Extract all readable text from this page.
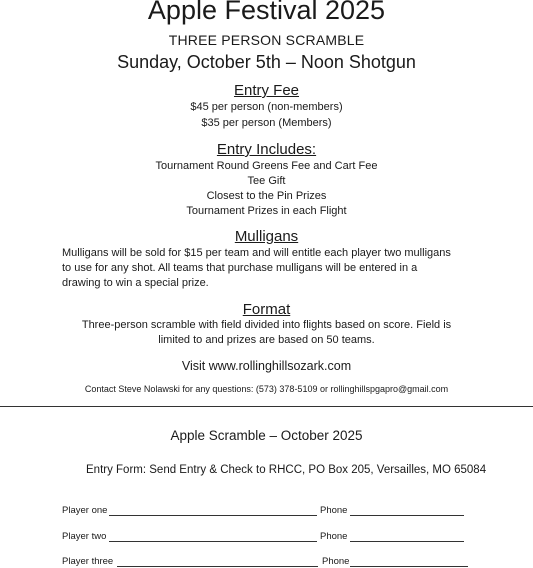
Apple Festival 2025
THREE PERSON SCRAMBLE
Sunday, October 5th – Noon Shotgun
Entry Fee
$45 per person (non-members)
$35 per person (Members)
Entry Includes:
Tournament Round Greens Fee and Cart Fee
Tee Gift
Closest to the Pin Prizes
Tournament Prizes in each Flight
Mulligans
Mulligans will be sold for $15 per team and will entitle each player two mulligans
to use for any shot. All teams that purchase mulligans will be entered in a
drawing to win a special prize.
Format
Three-person scramble with field divided into flights based on score. Field is
limited to and prizes are based on 50 teams.
Visit www.rollinghillsozark.com
Contact Steve Nolawski for any questions: (573) 378-5109 or rollinghillspgapro@gmail.com
Apple Scramble – October 2025
Entry Form: Send Entry & Check to RHCC, PO Box 205, Versailles, MO 65084
Player one	Phone
Player two	Phone
Player three	Phone
